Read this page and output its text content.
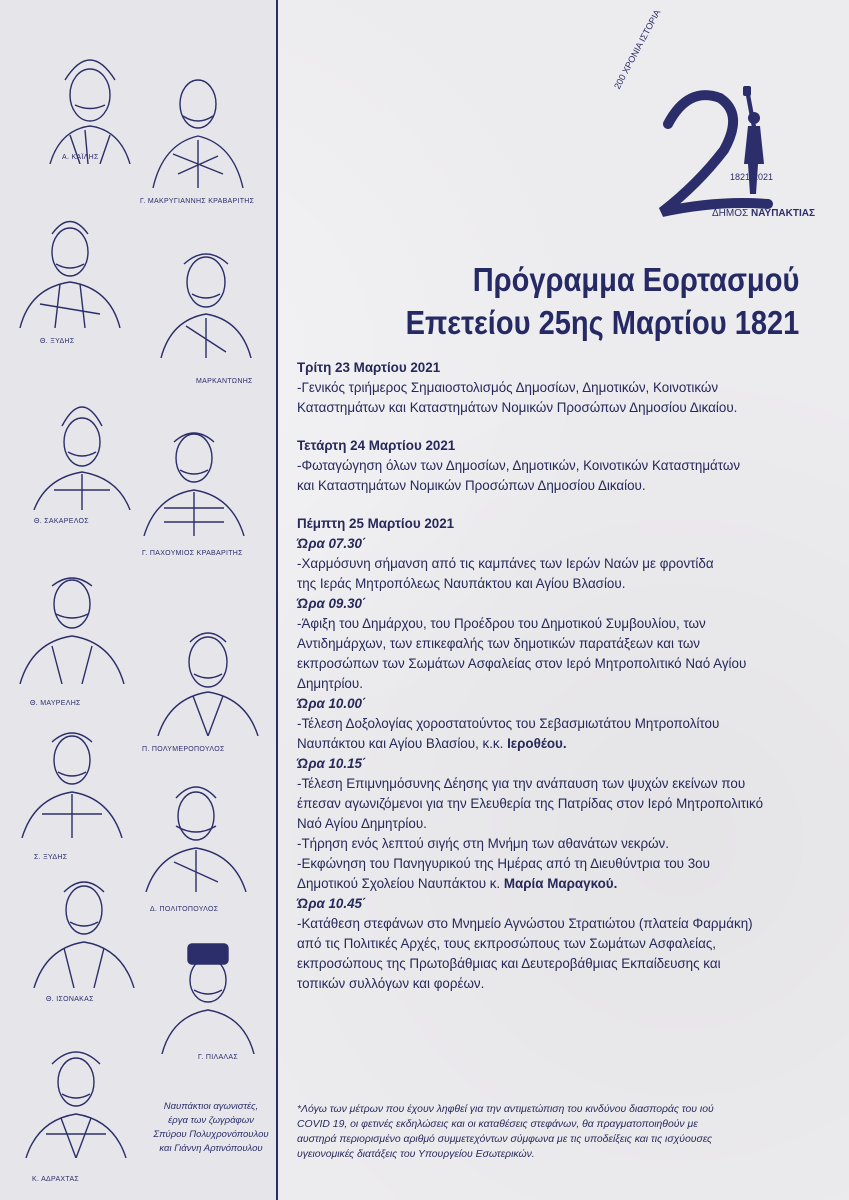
Α. ΚΑΪΛΗΣ
Γ. ΜΑΚΡΥΓΙΑΝΝΗΣ ΚΡΑΒΑΡΙΤΗΣ
Θ. ΞΥΔΗΣ
ΜΑΡΚΑΝΤΩΝΗΣ
Θ. ΣΑΚΑΡΕΛΟΣ
Γ. ΠΑΧΟΥΜΙΟΣ ΚΡΑΒΑΡΙΤΗΣ
Θ. ΜΑΥΡΕΛΗΣ
Π. ΠΟΛΥΜΕΡΟΠΟΥΛΟΣ
Σ. ΞΥΔΗΣ
Δ. ΠΟΛΙΤΟΠΟΥΛΟΣ
Θ. ΙΣΟΝΑΚΑΣ
Γ. ΠΙΛΑΛΑΣ
Κ. ΑΔΡΑΧΤΑΣ
Ναυπάκτιοι αγωνιστές,
έργα των ζωγράφων
Σπύρου Πολυχρονόπουλου
και Γιάννη Αρτινόπουλου
200 ΧΡΟΝΙΑ ΙΣΤΟΡΙΑ
1821-2021
ΔΗΜΟΣ ΝΑΥΠΑΚΤΙΑΣ
Πρόγραμμα Εορτασμού
Επετείου 25ης Μαρτίου 1821
Τρίτη 23 Μαρτίου 2021
-Γενικός τριήμερος Σημαιοστολισμός Δημοσίων, Δημοτικών, Κοινοτικών
Καταστημάτων και Καταστημάτων Νομικών Προσώπων Δημοσίου Δικαίου.
Τετάρτη 24 Μαρτίου 2021
-Φωταγώγηση όλων των Δημοσίων, Δημοτικών, Κοινοτικών Καταστημάτων
και Καταστημάτων Νομικών Προσώπων Δημοσίου Δικαίου.
Πέμπτη 25 Μαρτίου 2021
Ώρα 07.30΄
-Χαρμόσυνη σήμανση από τις καμπάνες των Ιερών Ναών με φροντίδα
της Ιεράς Μητροπόλεως Ναυπάκτου και Αγίου Βλασίου.
Ώρα 09.30΄
-Άφιξη του Δημάρχου, του Προέδρου του Δημοτικού Συμβουλίου, των
Αντιδημάρχων, των επικεφαλής των δημοτικών παρατάξεων και των
εκπροσώπων των Σωμάτων Ασφαλείας στον Ιερό Μητροπολιτικό Ναό Αγίου
Δημητρίου.
Ώρα 10.00΄
-Τέλεση Δοξολογίας χοροστατούντος του Σεβασμιωτάτου Μητροπολίτου
Ναυπάκτου και Αγίου Βλασίου, κ.κ. Ιεροθέου.
Ώρα 10.15΄
-Τέλεση Επιμνημόσυνης Δέησης για την ανάπαυση των ψυχών εκείνων που
έπεσαν αγωνιζόμενοι για την Ελευθερία της Πατρίδας στον Ιερό Μητροπολιτικό
Ναό Αγίου Δημητρίου.
-Τήρηση ενός λεπτού σιγής στη Μνήμη των αθανάτων νεκρών.
-Εκφώνηση του Πανηγυρικού της Ημέρας από τη Διευθύντρια του 3ου
Δημοτικού Σχολείου Ναυπάκτου κ. Μαρία Μαραγκού.
Ώρα 10.45΄
-Κατάθεση στεφάνων στο Μνημείο Αγνώστου Στρατιώτου (πλατεία Φαρμάκη)
από τις Πολιτικές Αρχές, τους εκπροσώπους των Σωμάτων Ασφαλείας,
εκπροσώπους της Πρωτοβάθμιας και Δευτεροβάθμιας Εκπαίδευσης και
τοπικών συλλόγων και φορέων.
*Λόγω των μέτρων που έχουν ληφθεί για την αντιμετώπιση του κινδύνου διασποράς του ιού
COVID 19, οι φετινές εκδηλώσεις και οι καταθέσεις στεφάνων, θα πραγματοποιηθούν με
αυστηρά περιορισμένο αριθμό συμμετεχόντων σύμφωνα με τις υποδείξεις και τις ισχύουσες
υγειονομικές διατάξεις του Υπουργείου Εσωτερικών.
